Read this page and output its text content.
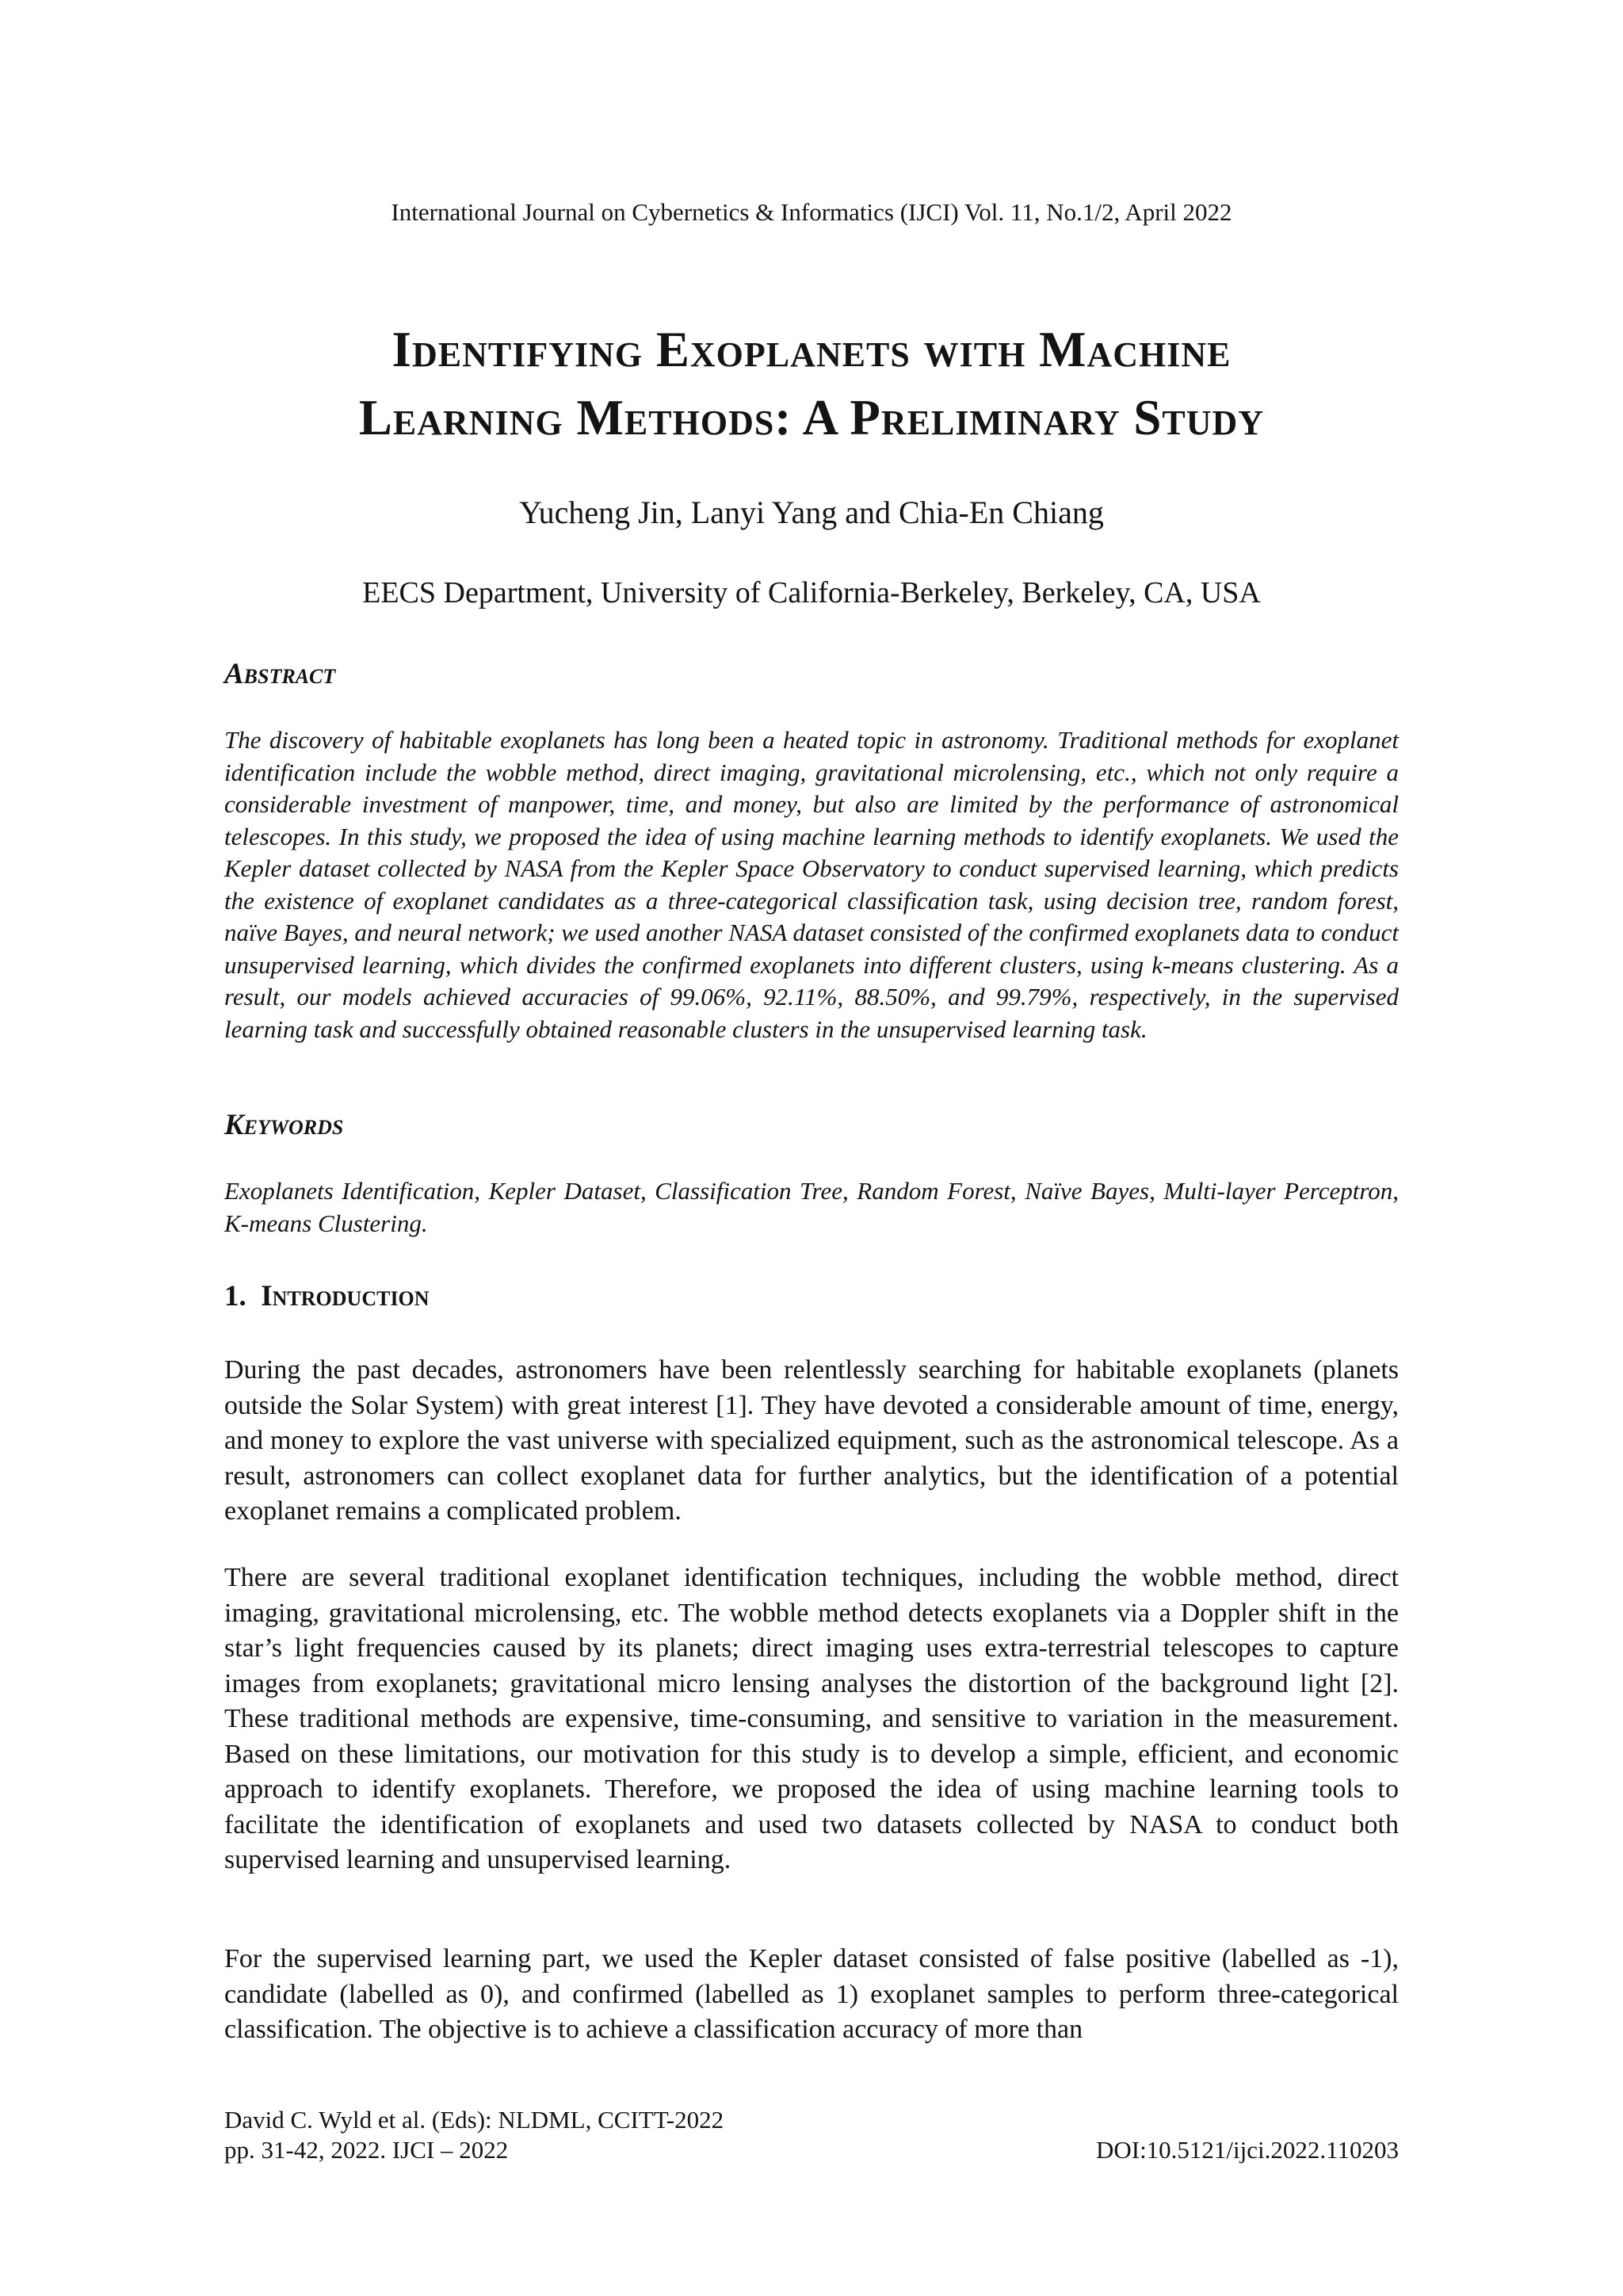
International Journal on Cybernetics & Informatics (IJCI) Vol. 11, No.1/2, April 2022
Identifying Exoplanets with Machine
Learning Methods: A Preliminary Study
Yucheng Jin, Lanyi Yang and Chia-En Chiang
EECS Department, University of California-Berkeley, Berkeley, CA, USA
Abstract

The discovery of habitable exoplanets has long been a heated topic in astronomy. Traditional methods for exoplanet identification include the wobble method, direct imaging, gravitational microlensing, etc., which not only require a considerable investment of manpower, time, and money, but also are limited by the performance of astronomical telescopes. In this study, we proposed the idea of using machine learning methods to identify exoplanets. We used the Kepler dataset collected by NASA from the Kepler Space Observatory to conduct supervised learning, which predicts the existence of exoplanet candidates as a three-categorical classification task, using decision tree, random forest, naïve Bayes, and neural network; we used another NASA dataset consisted of the confirmed exoplanets data to conduct unsupervised learning, which divides the confirmed exoplanets into different clusters, using k-means clustering. As a result, our models achieved accuracies of 99.06%, 92.11%, 88.50%, and 99.79%, respectively, in the supervised learning task and successfully obtained reasonable clusters in the unsupervised learning task.

Keywords

Exoplanets Identification, Kepler Dataset, Classification Tree, Random Forest, Naïve Bayes, Multi-layer Perceptron, K-means Clustering.

1.  Introduction

During the past decades, astronomers have been relentlessly searching for habitable exoplanets (planets outside the Solar System) with great interest [1]. They have devoted a considerable amount of time, energy, and money to explore the vast universe with specialized equipment, such as the astronomical telescope. As a result, astronomers can collect exoplanet data for further analytics, but the identification of a potential exoplanet remains a complicated problem.

There are several traditional exoplanet identification techniques, including the wobble method, direct imaging, gravitational microlensing, etc. The wobble method detects exoplanets via a Doppler shift in the star’s light frequencies caused by its planets; direct imaging uses extra-terrestrial telescopes to capture images from exoplanets; gravitational micro lensing analyses the distortion of the background light [2]. These traditional methods are expensive, time-consuming, and sensitive to variation in the measurement. Based on these limitations, our motivation for this study is to develop a simple, efficient, and economic approach to identify exoplanets. Therefore, we proposed the idea of using machine learning tools to facilitate the identification of exoplanets and used two datasets collected by NASA to conduct both supervised learning and unsupervised learning.

For the supervised learning part, we used the Kepler dataset consisted of false positive (labelled as -1), candidate (labelled as 0), and confirmed (labelled as 1) exoplanet samples to perform three-categorical classification. The objective is to achieve a classification accuracy of more than

David C. Wyld et al. (Eds): NLDML, CCITT-2022
pp. 31-42, 2022. IJCI – 2022	DOI:10.5121/ijci.2022.110203
